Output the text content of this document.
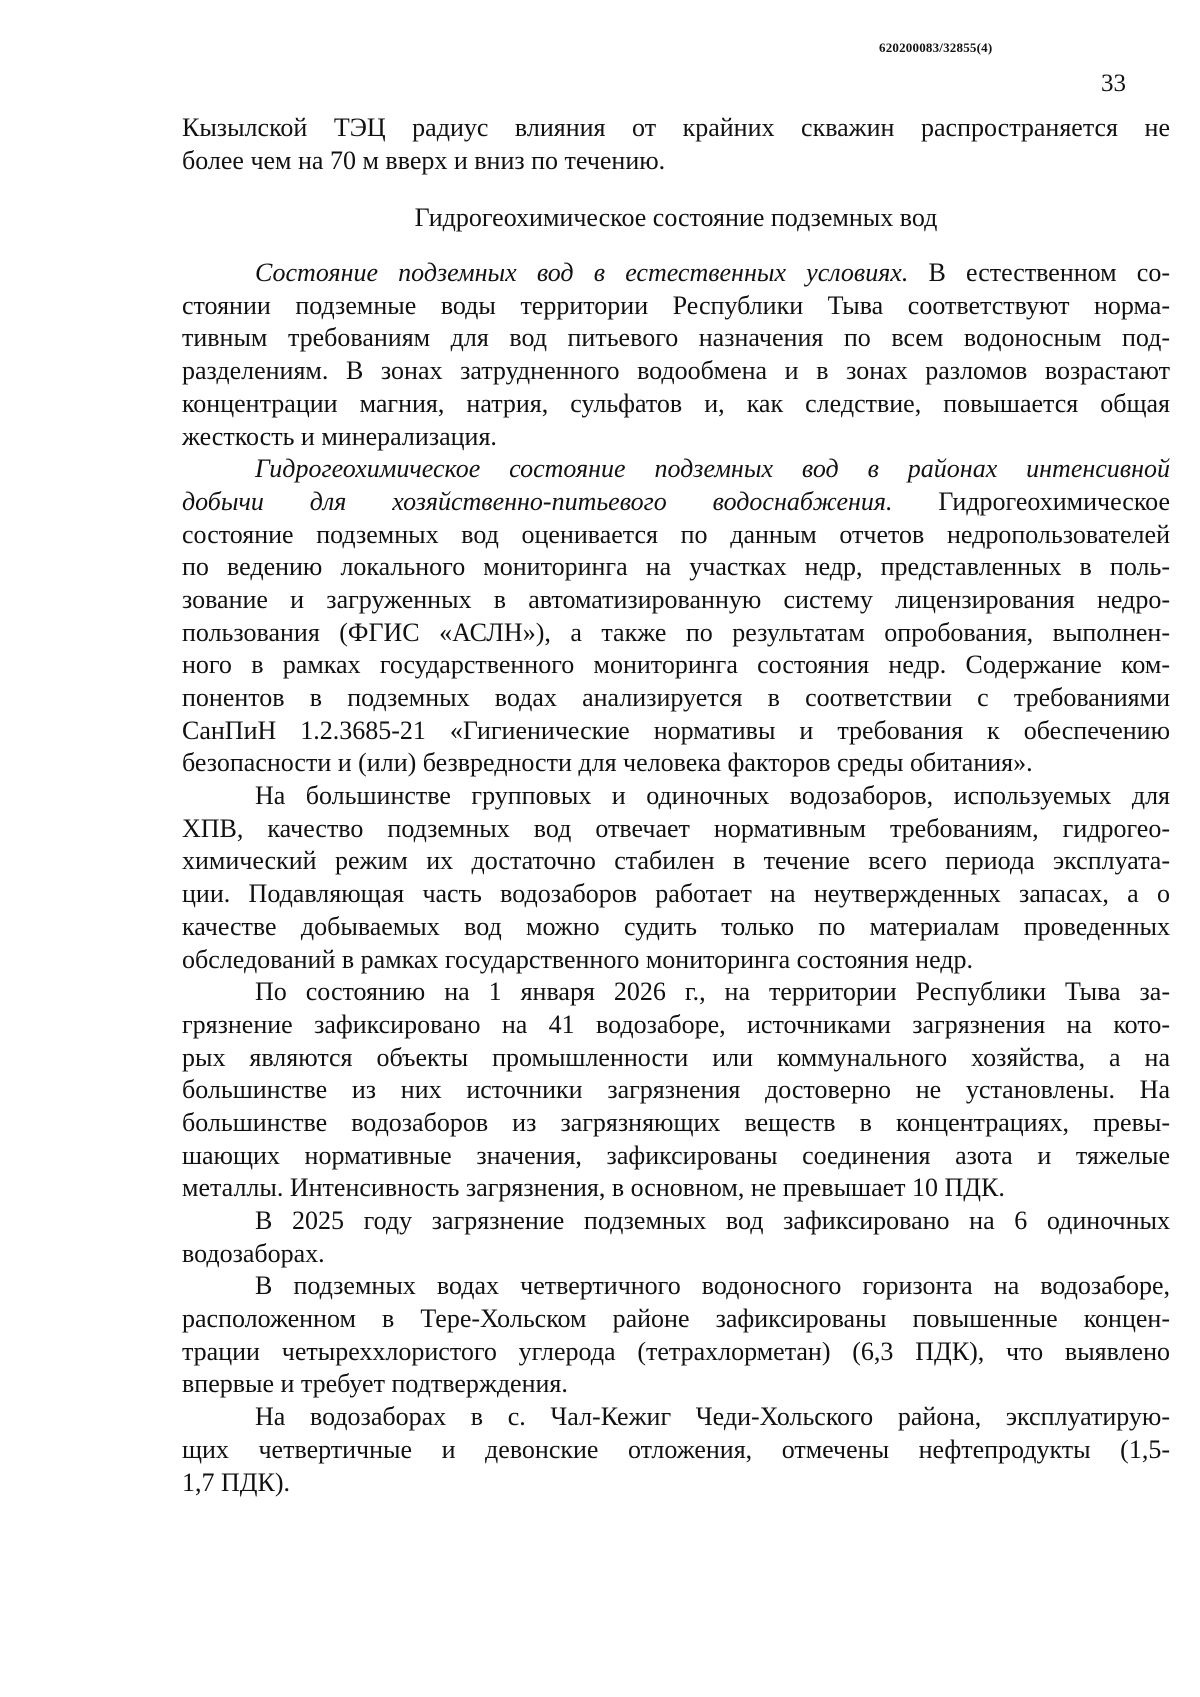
620200083/32855(4)
33
Кызылской ТЭЦ радиус влияния от крайних скважин распространяется не
более чем на 70 м вверх и вниз по течению.
Гидрогеохимическое состояние подземных вод
Состояние подземных вод в естественных условиях. В естественном со-
стоянии подземные воды территории Республики Тыва соответствуют норма-
тивным требованиям для вод питьевого назначения по всем водоносным под-
разделениям. В зонах затрудненного водообмена и в зонах разломов возрастают
концентрации магния, натрия, сульфатов и, как следствие, повышается общая
жесткость и минерализация.
Гидрогеохимическое состояние подземных вод в районах интенсивной
добычи для хозяйственно-питьевого водоснабжения. Гидрогеохимическое
состояние подземных вод оценивается по данным отчетов недропользователей
по ведению локального мониторинга на участках недр, представленных в поль-
зование и загруженных в автоматизированную систему лицензирования недро-
пользования (ФГИС «АСЛН»), а также по результатам опробования, выполнен-
ного в рамках государственного мониторинга состояния недр. Содержание ком-
понентов в подземных водах анализируется в соответствии с требованиями
СанПиН 1.2.3685-21 «Гигиенические нормативы и требования к обеспечению
безопасности и (или) безвредности для человека факторов среды обитания».
На большинстве групповых и одиночных водозаборов, используемых для
ХПВ, качество подземных вод отвечает нормативным требованиям, гидрогео-
химический режим их достаточно стабилен в течение всего периода эксплуата-
ции. Подавляющая часть водозаборов работает на неутвержденных запасах, а о
качестве добываемых вод можно судить только по материалам проведенных
обследований в рамках государственного мониторинга состояния недр.
По состоянию на 1 января 2026 г., на территории Республики Тыва за-
грязнение зафиксировано на 41 водозаборе, источниками загрязнения на кото-
рых являются объекты промышленности или коммунального хозяйства, а на
большинстве из них источники загрязнения достоверно не установлены. На
большинстве водозаборов из загрязняющих веществ в концентрациях, превы-
шающих нормативные значения, зафиксированы соединения азота и тяжелые
металлы. Интенсивность загрязнения, в основном, не превышает 10 ПДК.
В 2025 году загрязнение подземных вод зафиксировано на 6 одиночных
водозаборах.
В подземных водах четвертичного водоносного горизонта на водозаборе,
расположенном в Тере-Хольском районе зафиксированы повышенные концен-
трации четыреххлористого углерода (тетрахлорметан) (6,3 ПДК), что выявлено
впервые и требует подтверждения.
На водозаборах в с. Чал-Кежиг Чеди-Хольского района, эксплуатирую-
щих четвертичные и девонские отложения, отмечены нефтепродукты (1,5-
1,7 ПДК).
